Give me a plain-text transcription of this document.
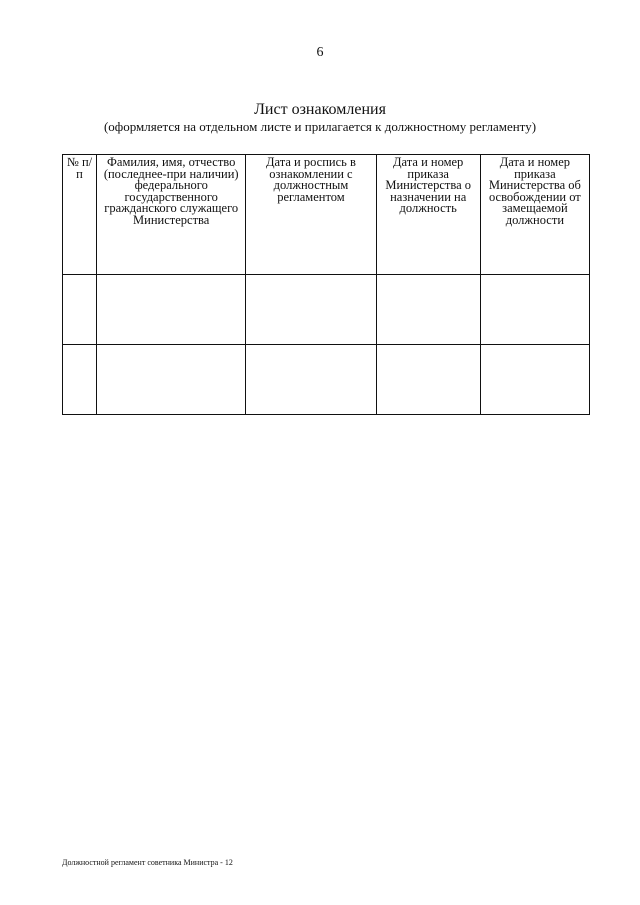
6
Лист ознакомления
(оформляется на отдельном листе и прилагается к должностному регламенту)
№ п/п	Фамилия, имя, отчество (последнее-при наличии) федерального государственного гражданского служащего Министерства	Дата и роспись в ознакомлении с должностным регламентом	Дата и номер приказа Министерства о назначении на должность	Дата и номер приказа Министерства об освобождении от замещаемой должности

Должностной регламент советника Министра - 12
